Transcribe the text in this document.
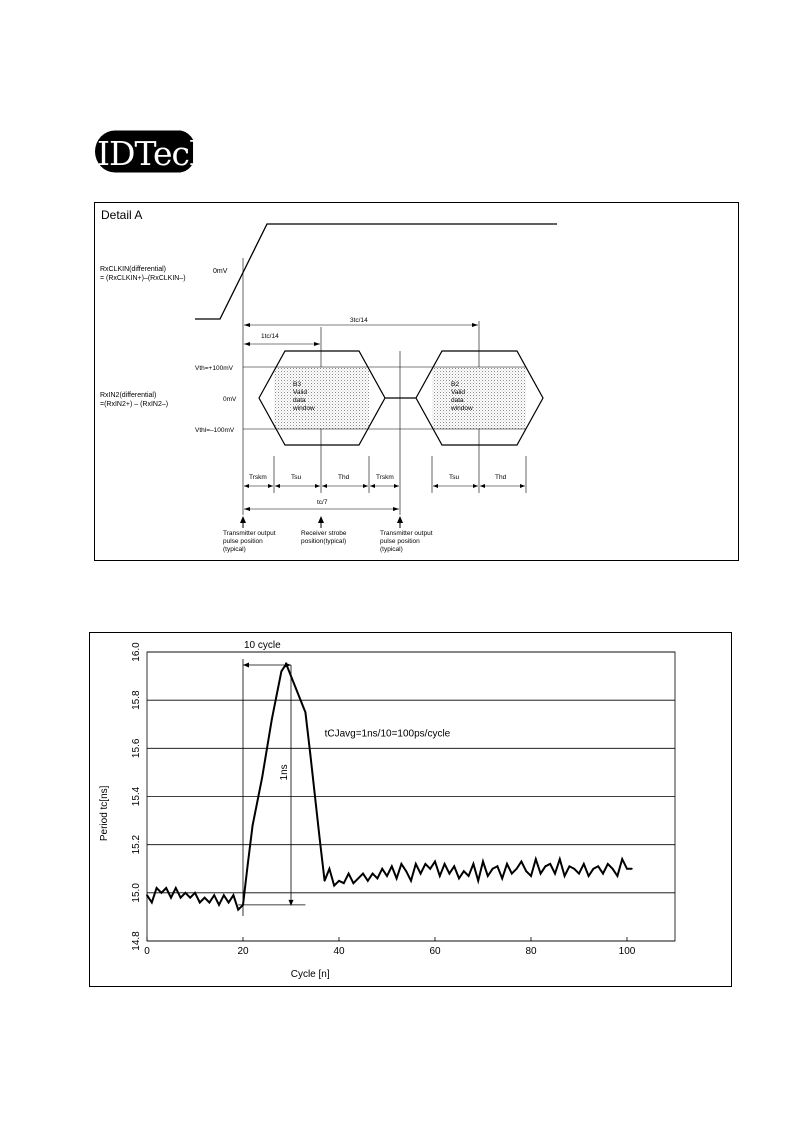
IDTech
Detail A
RxCLKIN(differential)
= (RxCLKIN+)–(RxCLKIN–)
0mV
3tc/14
1tc/14
RxIN2(differential)
=(RxIN2+) – (RxIN2–)
Vth=+100mV
0mV
Vthl=–100mV
B3 Valid data window
B2 Valid data window
Trskm	Tsu	Thd	Trskm	Tsu	Thd
tc/7
Transmitter output pulse position (typical)
Receiver strobe position(typical)
Transmitter output pulse position (typical)
14.8
15.0
15.2
15.4
15.6
15.8
16.0
0	20	40	60	80	100
Cycle [n]
Period tc[ns]
10 cycle
tCJavg=1ns/10=100ps/cycle
1ns
